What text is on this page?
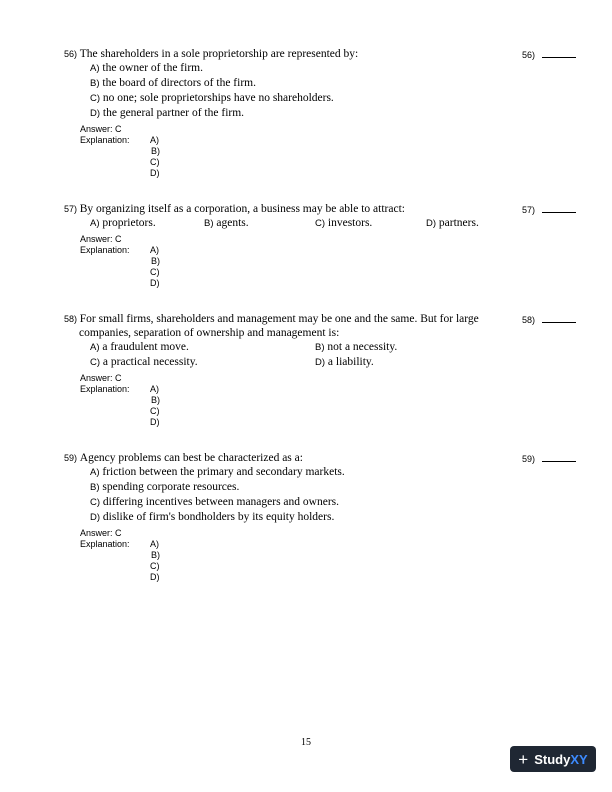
56) The shareholders in a sole proprietorship are represented by:
A) the owner of the firm.
B) the board of directors of the firm.
C) no one; sole proprietorships have no shareholders.
D) the general partner of the firm.
Answer: C
Explanation: A)
B)
C)
D)
56)
57) By organizing itself as a corporation, a business may be able to attract:
A) proprietors.	B) agents.	C) investors.	D) partners.
Answer: C
Explanation: A)
B)
C)
D)
57)
58) For small firms, shareholders and management may be one and the same. But for large
companies, separation of ownership and management is:
A) a fraudulent move.	B) not a necessity.
C) a practical necessity.	D) a liability.
Answer: C
Explanation: A)
B)
C)
D)
58)
59) Agency problems can best be characterized as a:
A) friction between the primary and secondary markets.
B) spending corporate resources.
C) differing incentives between managers and owners.
D) dislike of firm's bondholders by its equity holders.
Answer: C
Explanation: A)
B)
C)
D)
59)
15
+ StudyXY
